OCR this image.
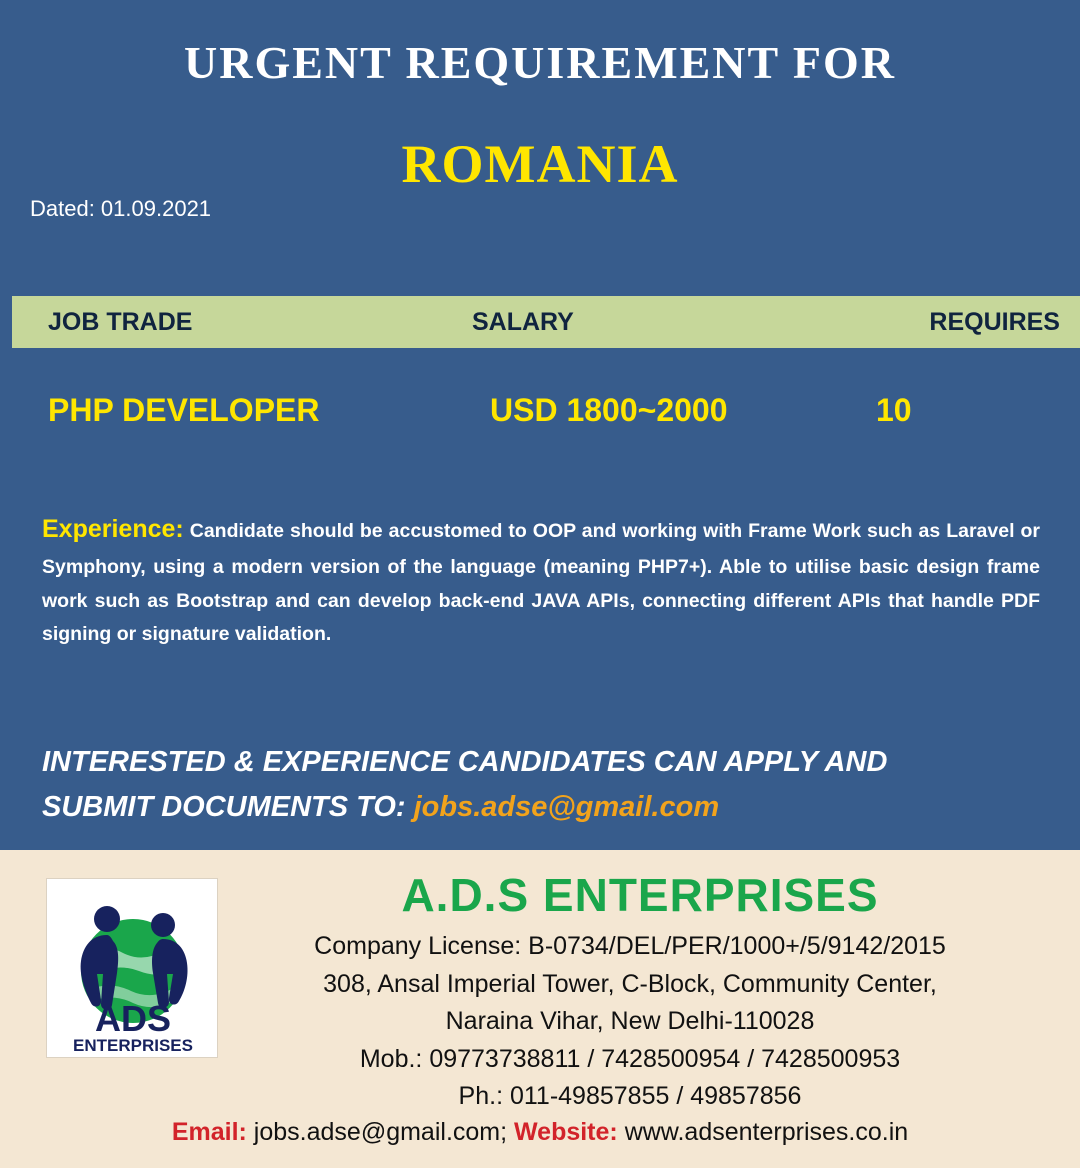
URGENT REQUIREMENT FOR
ROMANIA
Dated: 01.09.2021
JOB TRADE	SALARY	REQUIRES
PHP DEVELOPER	USD 1800~2000	10
Experience: Candidate should be accustomed to OOP and working with Frame Work such as Laravel or Symphony, using a modern version of the language (meaning PHP7+). Able to utilise basic design frame work such as Bootstrap and can develop back-end JAVA APIs, connecting different APIs that handle PDF signing or signature validation.
INTERESTED & EXPERIENCE CANDIDATES CAN APPLY AND
SUBMIT DOCUMENTS TO: jobs.adse@gmail.com
ADS
ENTERPRISES
A.D.S ENTERPRISES
Company License: B-0734/DEL/PER/1000+/5/9142/2015
308, Ansal Imperial Tower, C-Block, Community Center,
Naraina Vihar, New Delhi-110028
Mob.: 09773738811 / 7428500954 / 7428500953
Ph.: 011-49857855 / 49857856
Email: jobs.adse@gmail.com; Website: www.adsenterprises.co.in
